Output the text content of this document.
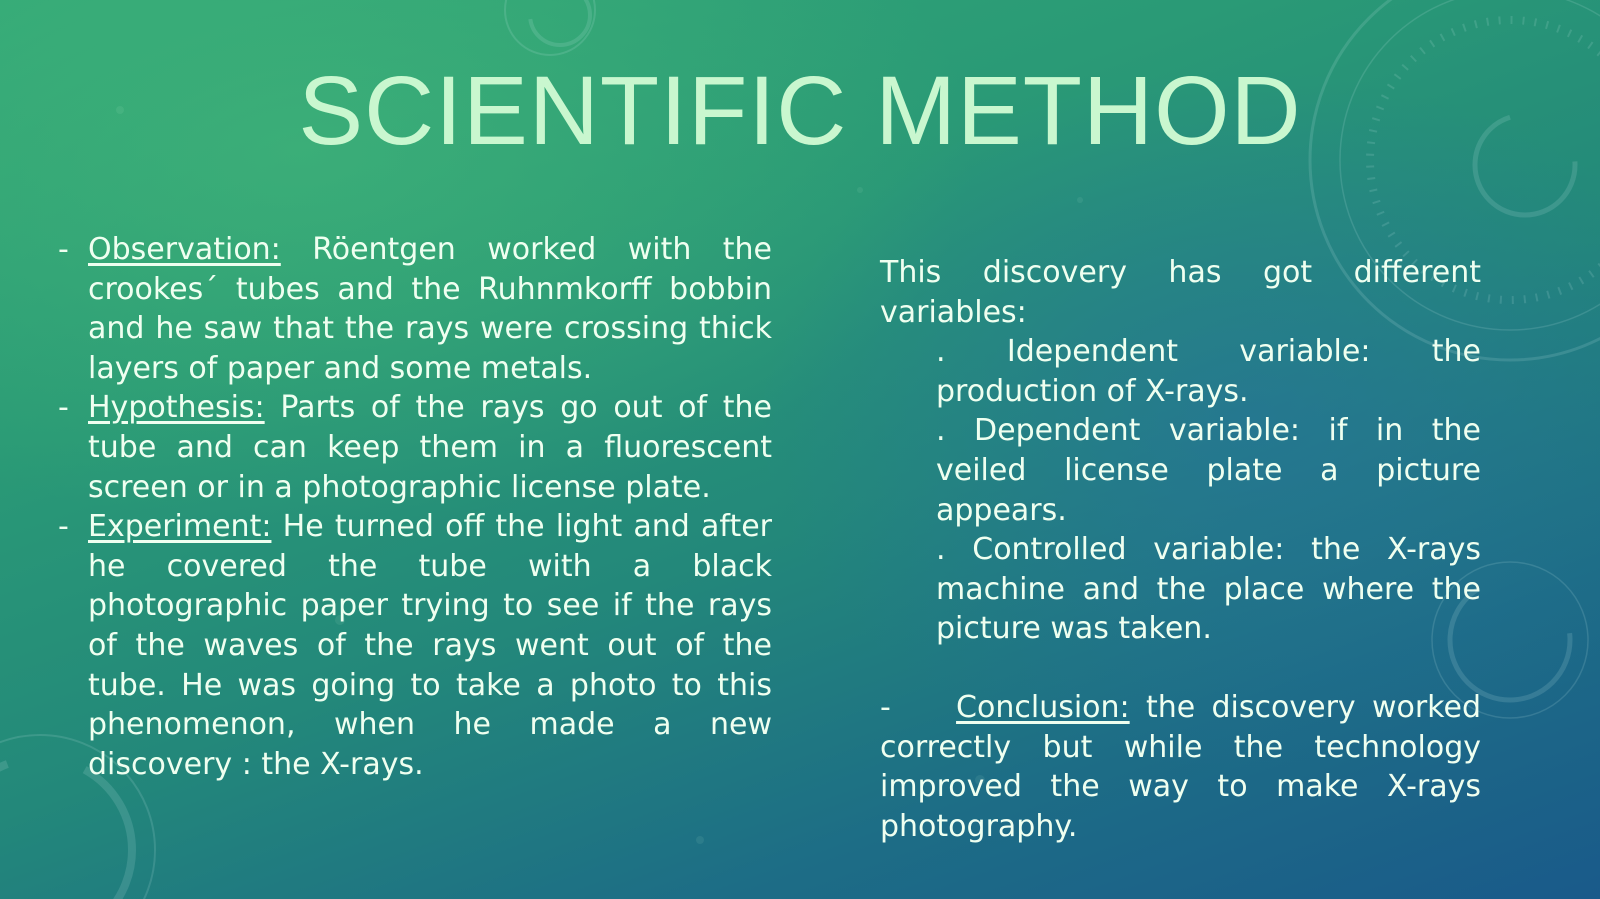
SCIENTIFIC METHOD
- Observation: Röentgen worked with the crookes´ tubes and the Ruhnmkorff bobbin and he saw that the rays were crossing thick layers of paper and some metals.
- Hypothesis: Parts of the rays go out of the tube and can keep them in a fluorescent screen or in a photographic license plate.
- Experiment: He turned off the light and after he covered the tube with a black photographic paper trying to see if the rays of the waves of the rays went out of the tube. He was going to take a photo to this phenomenon, when he made a new discovery : the X-rays.

This discovery has got different variables:

. Idependent variable: the production of X-rays.

. Dependent variable: if in the veiled license plate a picture appears.

. Controlled variable: the X-rays machine and the place where the picture was taken.

- Conclusion: the discovery worked correctly but while the technology improved the way to make X-rays photography.
